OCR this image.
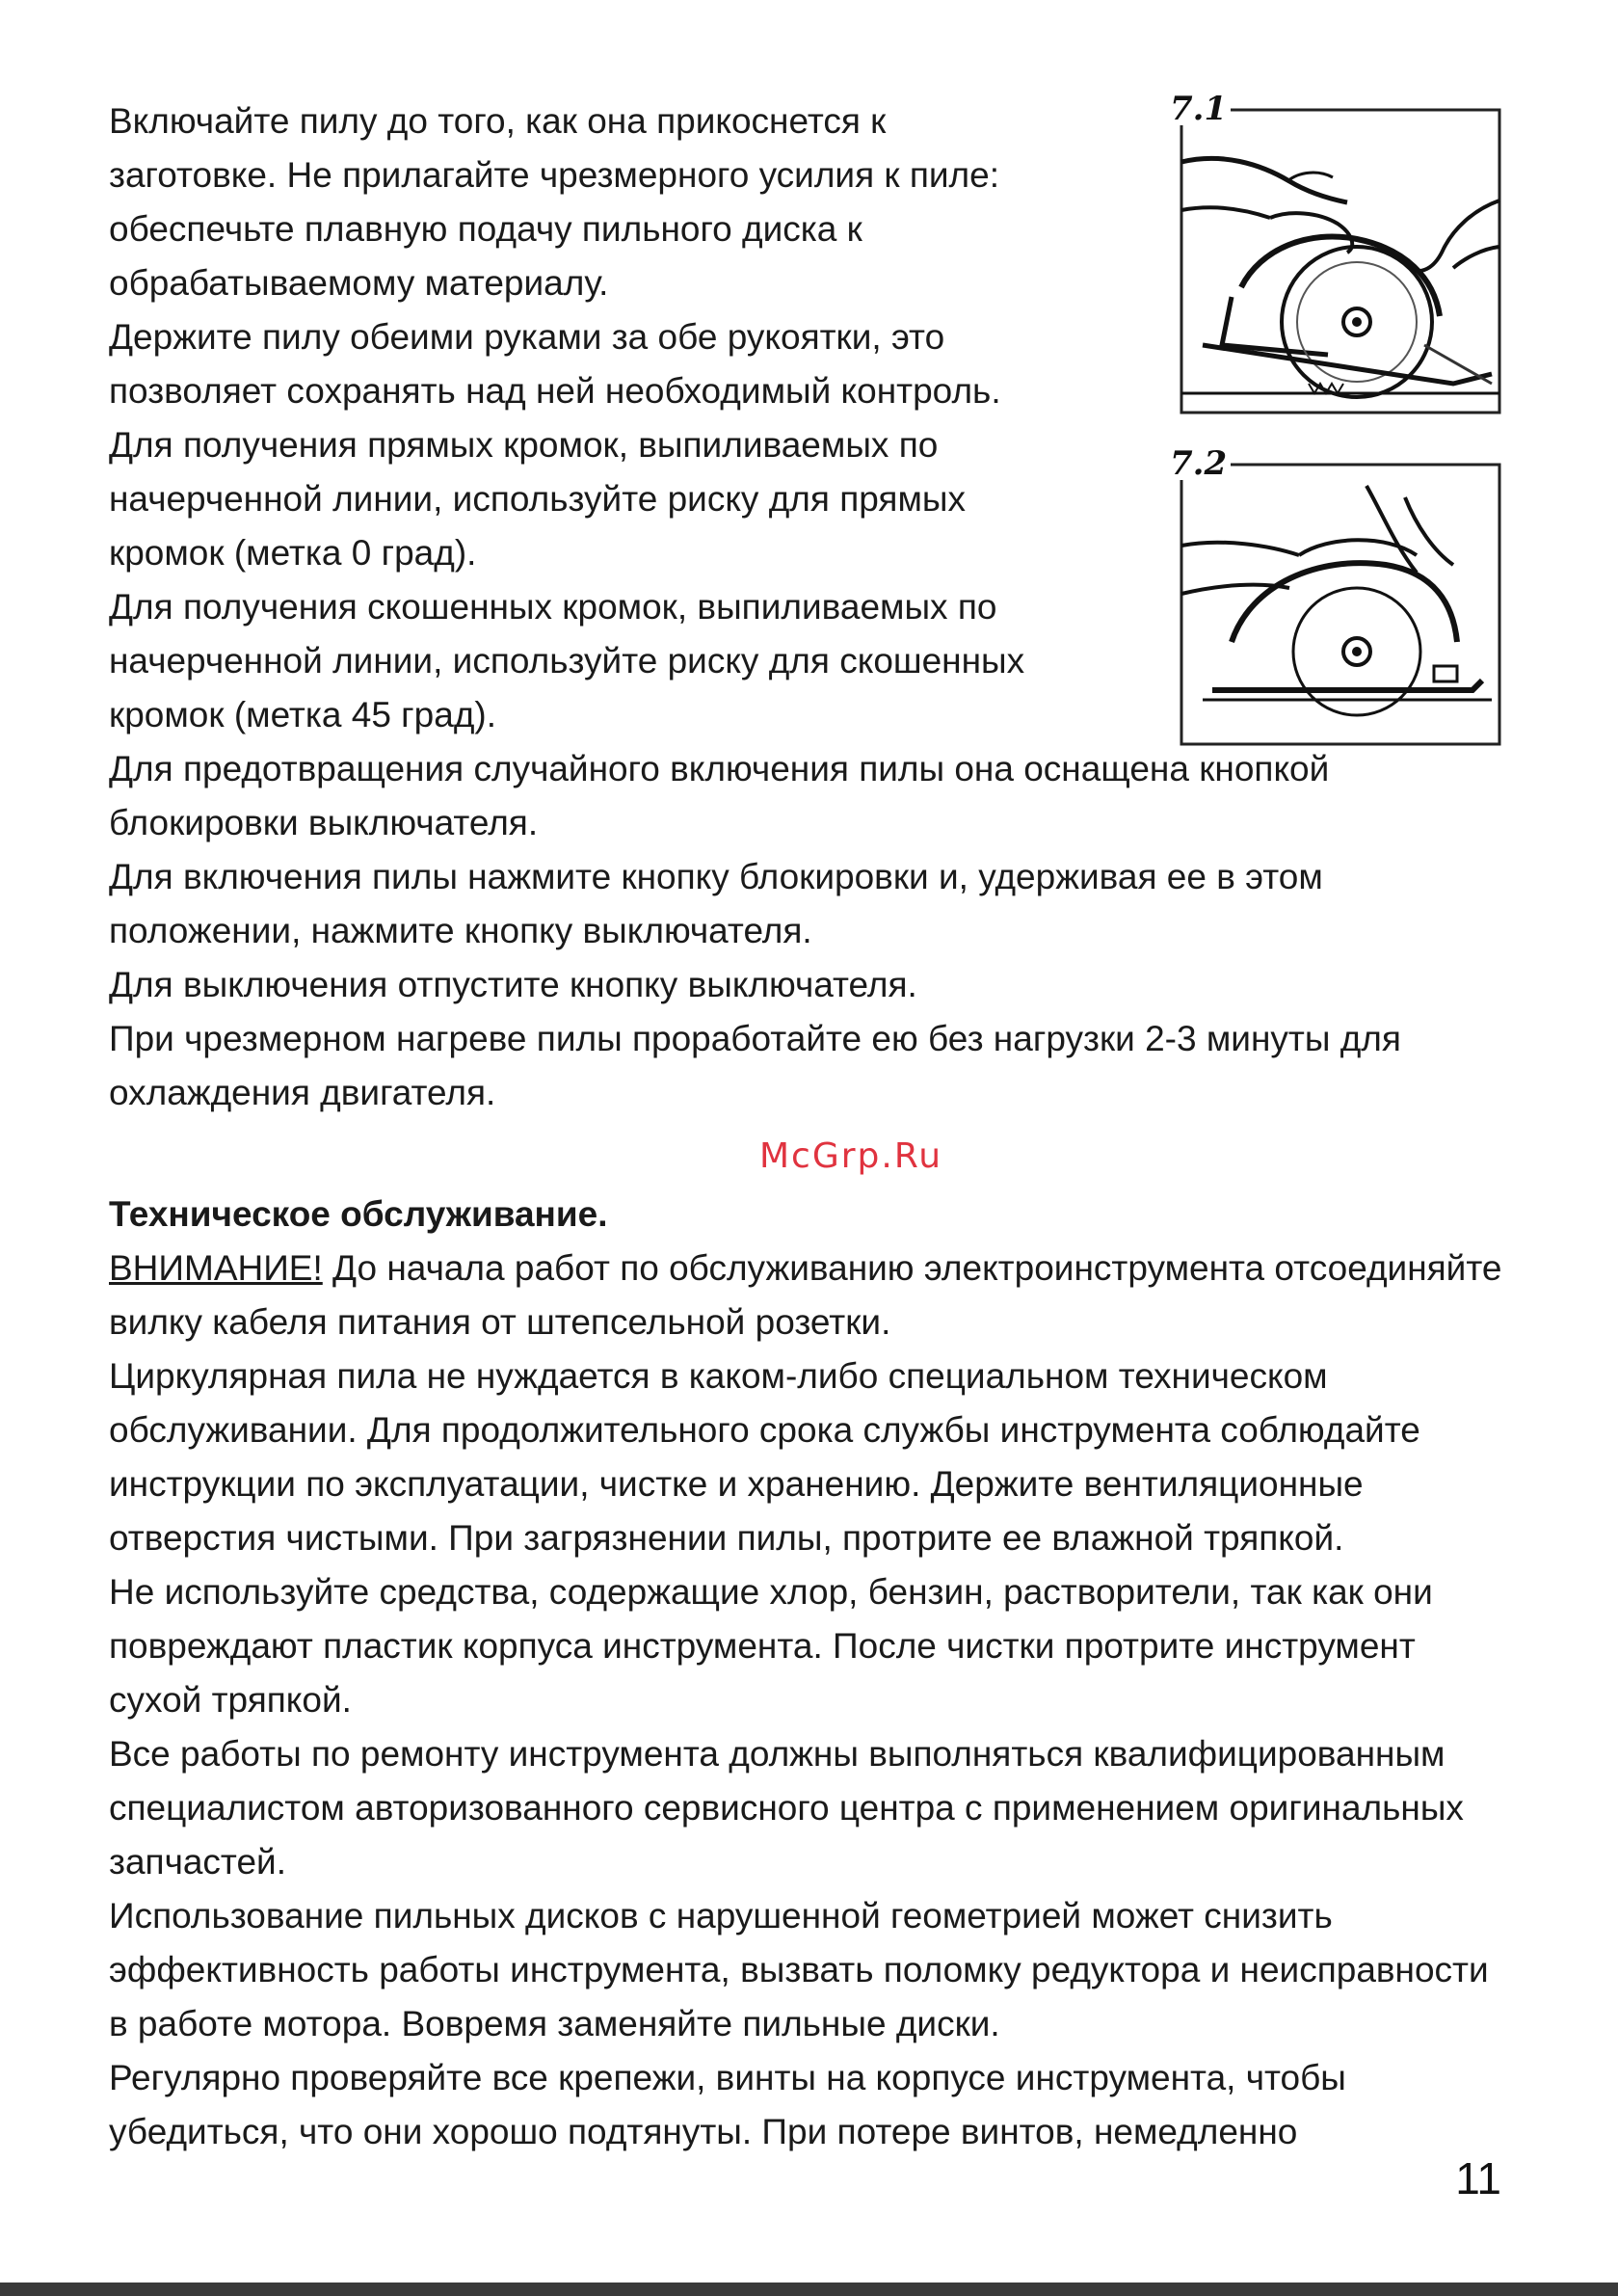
7.1
7.2

Включайте пилу до того, как она прикоснется к заготовке. Не прилагайте чрезмерного усилия к пиле: обеспечьте плавную подачу пильного диска к обрабатываемому материалу.

Держите пилу обеими руками за обе рукоятки, это позволяет сохранять над ней необходимый контроль.

Для получения прямых кромок, выпиливаемых по начерченной линии, используйте риску для прямых кромок (метка 0 град).

Для получения скошенных кромок, выпиливаемых по начерченной линии, используйте риску для скошенных кромок (метка 45 град).

Для предотвращения случайного включения пилы она оснащена кнопкой блокировки выключателя.

Для включения пилы нажмите кнопку блокировки и, удерживая ее в этом положении, нажмите кнопку выключателя.

Для выключения отпустите кнопку выключателя.

При чрезмерном нагреве пилы проработайте ею без нагрузки 2-3 минуты для охлаждения двигателя.

McGrp.Ru

Техническое обслуживание.

ВНИМАНИЕ! До начала работ по обслуживанию электроинструмента отсоединяйте вилку кабеля питания от штепсельной розетки.

Циркулярная пила не нуждается в каком-либо специальном техническом обслуживании. Для продолжительного срока службы инструмента соблюдайте инструкции по эксплуатации, чистке и хранению. Держите вентиляционные отверстия чистыми. При загрязнении пилы, протрите ее влажной тряпкой.

Не используйте средства, содержащие хлор, бензин, растворители, так как они повреждают пластик корпуса инструмента. После чистки протрите инструмент сухой тряпкой.

Все работы по ремонту инструмента должны выполняться квалифицированным специалистом авторизованного сервисного центра с применением оригинальных запчастей.

Использование пильных дисков с нарушенной геометрией может снизить эффективность работы инструмента, вызвать поломку редуктора и неисправности в работе мотора. Вовремя заменяйте пильные диски.

Регулярно проверяйте все крепежи, винты на корпусе инструмента, чтобы убедиться, что они хорошо подтянуты. При потере винтов, немедленно

11
